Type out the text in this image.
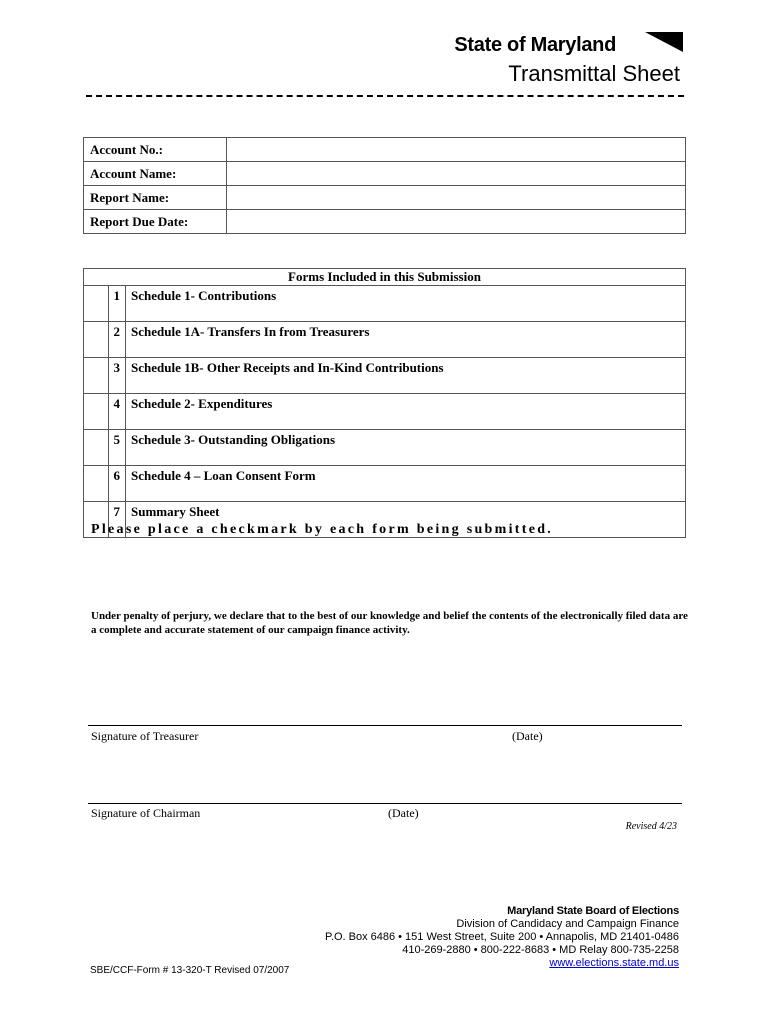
State of Maryland
Transmittal Sheet
Account No.:	
Account Name:	
Report Name:	
Report Due Date:	
Forms Included in this Submission		
	1	Schedule 1- Contributions
	2	Schedule 1A- Transfers In from Treasurers
	3	Schedule 1B- Other Receipts and In-Kind Contributions
	4	Schedule 2- Expenditures
	5	Schedule 3- Outstanding Obligations
	6	Schedule 4 – Loan Consent Form
	7	Summary Sheet
Please place a checkmark by each form being submitted.
Under penalty of perjury, we declare that to the best of our knowledge and belief the contents of the electronically filed data are a complete and accurate statement of our campaign finance activity.
Signature of Treasurer	(Date)
Signature of Chairman	(Date)
Revised 4/23
Maryland State Board of Elections
Division of Candidacy and Campaign Finance
P.O. Box 6486 • 151 West Street, Suite 200 • Annapolis, MD 21401-0486
410-269-2880 • 800-222-8683 • MD Relay 800-735-2258
www.elections.state.md.us
SBE/CCF-Form # 13-320-T Revised 07/2007
